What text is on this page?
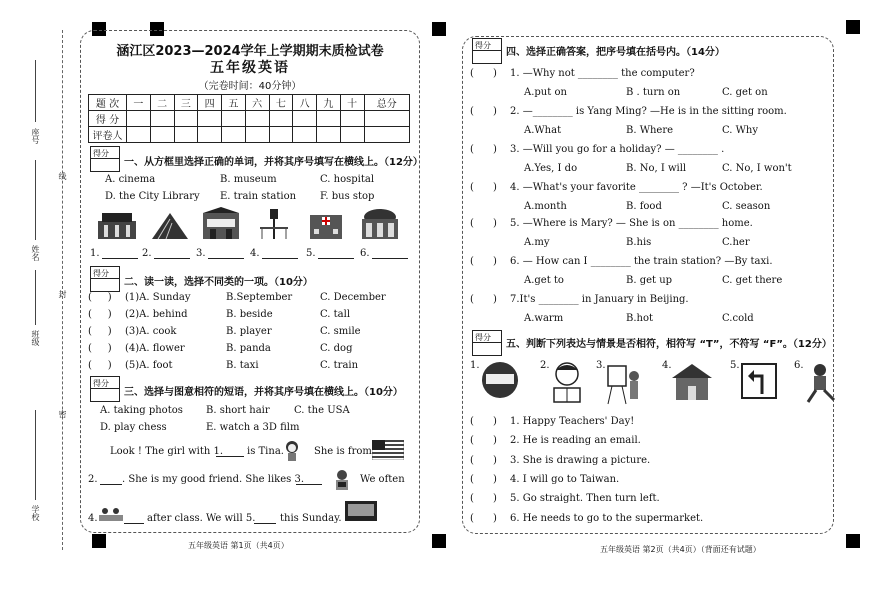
学校
班级
姓名
座号
密
封
线
涵江区2023—2024学年上学期期末质检试卷
五年级英语
（完卷时间：40分钟）
题 次	一	二	三	四	五	六	七	八	九	十	总分
得 分											
评卷人											
得分
一、从方框里选择正确的单词，并将其序号填写在横线上。（12分）
A. cinema	B. museum	C. hospital
D. the City Library E. train station F. bus stop
1.	2.	3.	4.	5.	6.
得分
二、读一读，选择不同类的一项。（10分）
(     ) (1)A. Sunday	B.September	C. December
(     ) (2)A. behind	B. beside	C. tall
(     ) (3)A. cook	B. player	C. smile
(     ) (4)A. flower	B. panda	C. dog
(     ) (5)A. foot	B. taxi	C. train
得分
三、选择与图意相符的短语，并将其序号填在横线上。（10分）
A. taking photos B. short hair C. the USA
D. play chess	E. watch a 3D film
Look ! The girl with 1. is Tina.	She is from
2. . She is my good friend. She likes 3.	We often
4.	after class. We will 5. this Sunday.
五年级英语 第1页（共4页）
得分
四、选择正确答案，把序号填在括号内。（14分）
(      ) 1. —Why not ________ the computer?
A.put on	B . turn on	C. get on
(      ) 2. —________ is Yang Ming? —He is in the sitting room.
A.What	B. Where	C. Why
(      ) 3. —Will you go for a holiday? — ________ .
A.Yes, I do	B. No, I will	C. No, I won't
(      ) 4. —What's your favorite ________ ? —It's October.
A.month	B. food	C. season
(      ) 5. —Where is Mary? — She is on ________ home.
A.my	B.his	C.her
(      ) 6. — How can I ________ the train station? —By taxi.
A.get to	B. get up	C. get there
(      ) 7.It's ________ in January in Beijing.
A.warm	B.hot	C.cold
得分
五、判断下列表达与情景是否相符，相符写 “T”，不符写 “F”。（12分）
1.	2.	3.	4.	5.	6.
(      ) 1. Happy Teachers' Day!
(      ) 2. He is reading an email.
(      ) 3. She is drawing a picture.
(      ) 4. I will go to Taiwan.
(      ) 5. Go straight. Then turn left.
(      ) 6. He needs to go to the supermarket.
五年级英语 第2页（共4页）（背面还有试题）
